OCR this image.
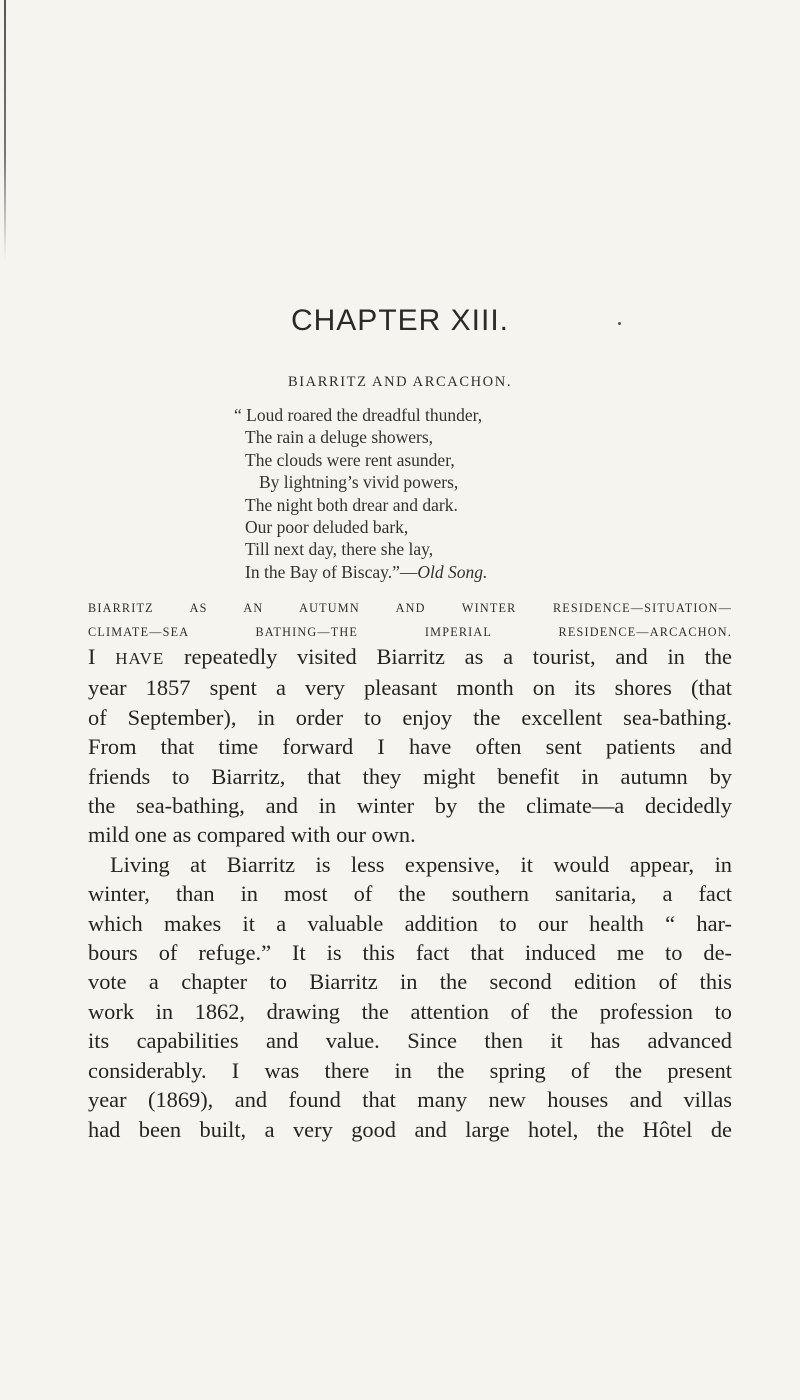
CHAPTER XIII.
BIARRITZ AND ARCACHON.
“ Loud roared the dreadful thunder,
The rain a deluge showers,
The clouds were rent asunder,
By lightning’s vivid powers,
The night both drear and dark.
Our poor deluded bark,
Till next day, there she lay,
In the Bay of Biscay.”—Old Song.
BIARRITZ AS AN AUTUMN AND WINTER RESIDENCE—SITUATION—
CLIMATE—SEA BATHING—THE IMPERIAL RESIDENCE—ARCACHON.
I HAVE repeatedly visited Biarritz as a tourist, and in the
year 1857 spent a very pleasant month on its shores (that
of September), in order to enjoy the excellent sea-bathing.
From that time forward I have often sent patients and
friends to Biarritz, that they might benefit in autumn by
the sea-bathing, and in winter by the climate—a decidedly
mild one as compared with our own.
Living at Biarritz is less expensive, it would appear, in
winter, than in most of the southern sanitaria, a fact
which makes it a valuable addition to our health “ har-
bours of refuge.” It is this fact that induced me to de-
vote a chapter to Biarritz in the second edition of this
work in 1862, drawing the attention of the profession to
its capabilities and value. Since then it has advanced
considerably. I was there in the spring of the present
year (1869), and found that many new houses and villas
had been built, a very good and large hotel, the Hôtel de
